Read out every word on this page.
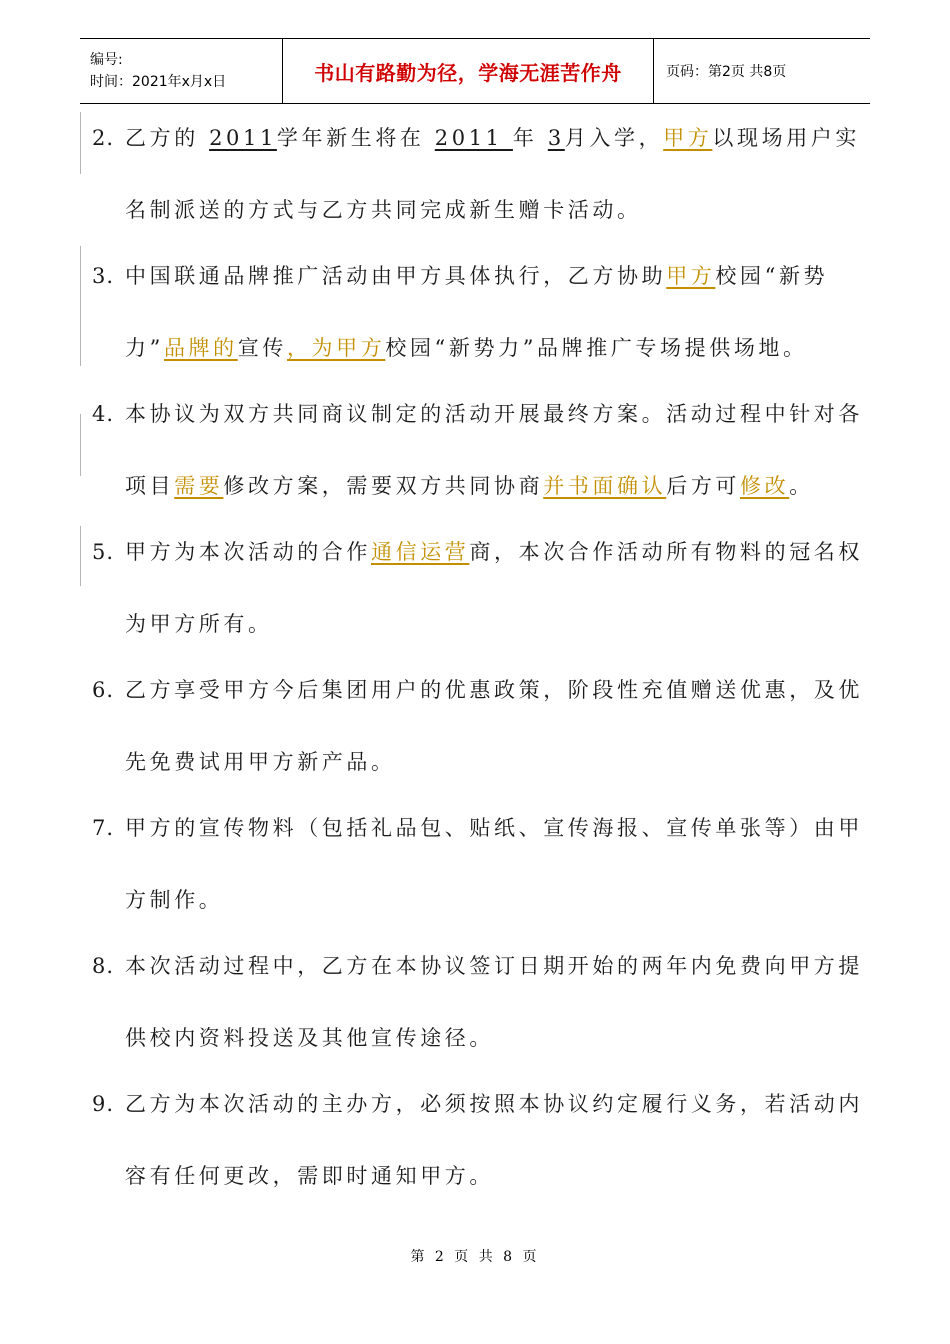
编号:
时间：2021年x月x日	书山有路勤为径，学海无涯苦作舟	页码：第2页 共8页
2. 乙方的 2011学年新生将在 2011 年 3月入学，甲方以现场用户实
名制派送的方式与乙方共同完成新生赠卡活动。
3. 中国联通品牌推广活动由甲方具体执行，乙方协助甲方校园“新势
力”品牌的宣传，为甲方校园“新势力”品牌推广专场提供场地。
4. 本协议为双方共同商议制定的活动开展最终方案。活动过程中针对各
项目需要修改方案，需要双方共同协商并书面确认后方可修改。
5. 甲方为本次活动的合作通信运营商，本次合作活动所有物料的冠名权
为甲方所有。
6. 乙方享受甲方今后集团用户的优惠政策，阶段性充值赠送优惠，及优
先免费试用甲方新产品。
7. 甲方的宣传物料（包括礼品包、贴纸、宣传海报、宣传单张等）由甲
方制作。
8. 本次活动过程中，乙方在本协议签订日期开始的两年内免费向甲方提
供校内资料投送及其他宣传途径。
9. 乙方为本次活动的主办方，必须按照本协议约定履行义务，若活动内
容有任何更改，需即时通知甲方。
第 2 页 共 8 页
